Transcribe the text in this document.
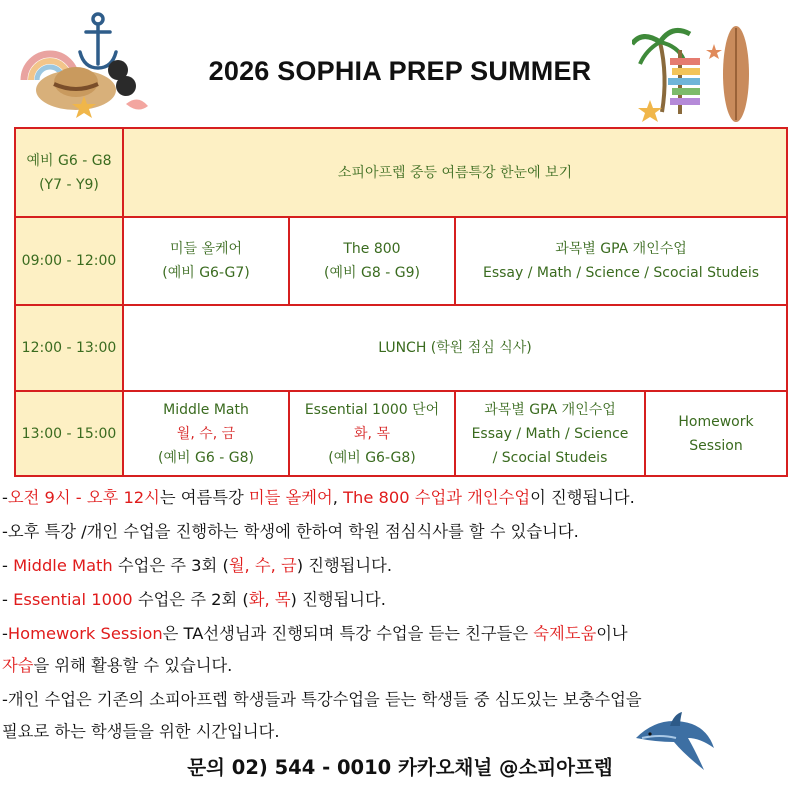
2026 SOPHIA PREP SUMMER
예비 G6 - G8
(Y7 - Y9)
소피아프렙 중등 여름특강 한눈에 보기
09:00 - 12:00
미들 올케어
(예비 G6-G7)
The 800
(예비 G8 - G9)
과목별 GPA 개인수업
Essay / Math / Science / Scocial Studeis
12:00 - 13:00	LUNCH (학원 점심 식사)
13:00 - 15:00
Middle Math
월, 수, 금
(예비 G6 - G8)
Essential 1000 단어
화, 목
(예비 G6-G8)
과목별 GPA 개인수업
Essay / Math / Science
/ Scocial Studeis
Homework
Session
-오전 9시 - 오후 12시는 여름특강 미들 올케어, The 800 수업과 개인수업이 진행됩니다.
-오후 특강 /개인 수업을 진행하는 학생에 한하여 학원 점심식사를 할 수 있습니다.
- Middle Math 수업은 주 3회 (월, 수, 금) 진행됩니다.
- Essential 1000 수업은 주 2회 (화, 목) 진행됩니다.
-Homework Session은 TA선생님과 진행되며 특강 수업을 듣는 친구들은 숙제도움이나
자습을 위해 활용할 수 있습니다.
-개인 수업은 기존의 소피아프렙 학생들과 특강수업을 듣는 학생들 중 심도있는 보충수업을
필요로 하는 학생들을 위한 시간입니다.
문의 02) 544 - 0010 카카오채널 @소피아프렙
